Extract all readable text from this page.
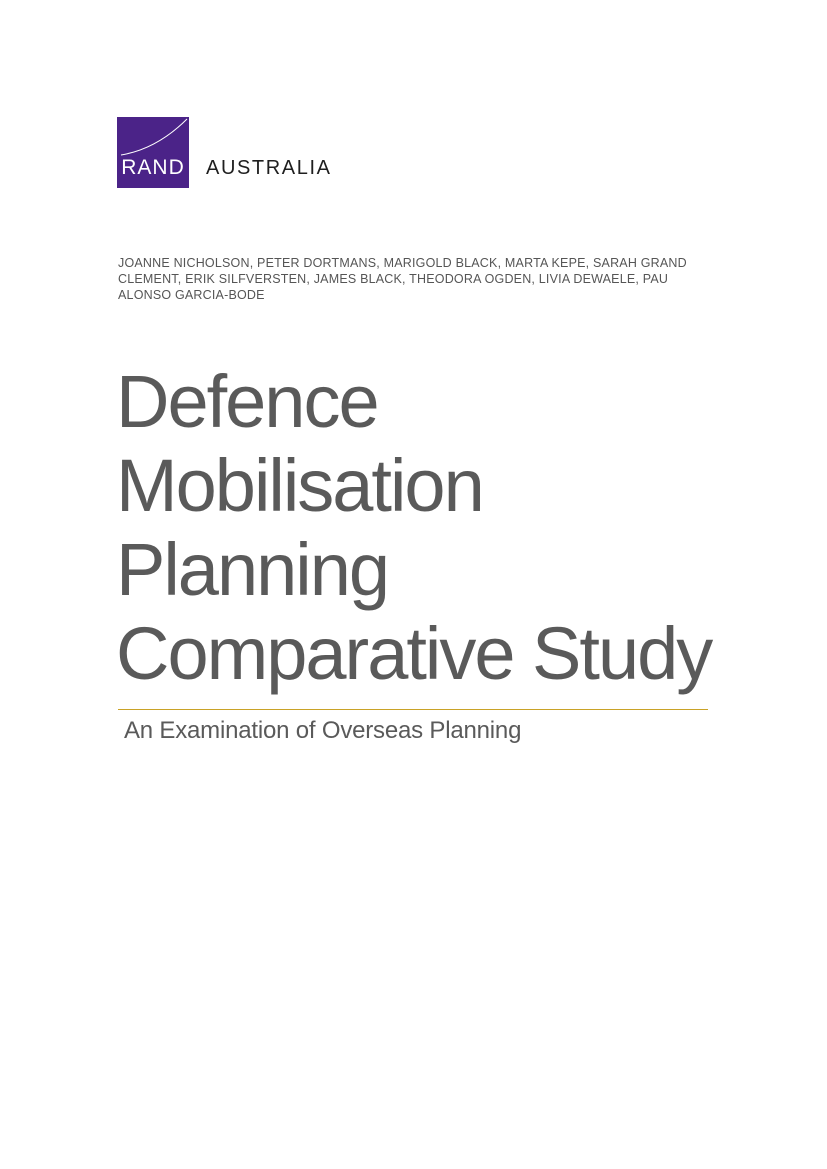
RAND AUSTRALIA
JOANNE NICHOLSON, PETER DORTMANS, MARIGOLD BLACK, MARTA KEPE, SARAH GRAND CLEMENT, ERIK SILFVERSTEN, JAMES BLACK, THEODORA OGDEN, LIVIA DEWAELE, PAU ALONSO GARCIA-BODE
Defence
Mobilisation
Planning
Comparative Study
An Examination of Overseas Planning
